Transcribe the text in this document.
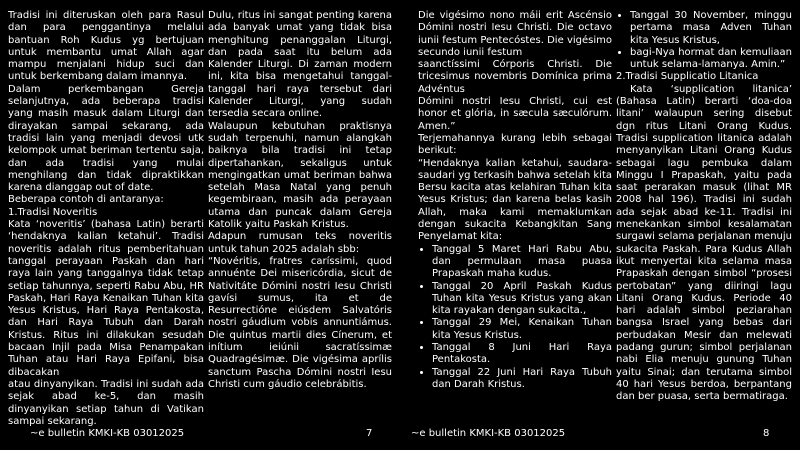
Tradisi ini diteruskan oleh para Rasul dan para penggantinya melalui bantuan Roh Kudus yg bertujuan untuk membantu umat Allah agar mampu menjalani hidup suci dan untuk berkembang dalam imannya.

Dalam perkembangan Gereja selanjutnya, ada beberapa tradisi yang masih masuk dalam Liturgi dan dirayakan sampai sekarang, ada tradisi lain yang menjadi devosi utk kelompok umat beriman tertentu saja, dan ada tradisi yang mulai menghilang dan tidak dipraktikkan karena dianggap out of date.

Beberapa contoh di antaranya:

1.Tradisi Noveritis

Kata ‘noveritis’ (bahasa Latin) berarti ‘hendaknya kalian ketahui’. Tradisi noveritis adalah ritus pemberitahuan tanggal perayaan Paskah dan hari raya lain yang tanggalnya tidak tetap setiap tahunnya, seperti Rabu Abu, HR Paskah, Hari Raya Kenaikan Tuhan kita Yesus Kristus, Hari Raya Pentakosta, dan Hari Raya Tubuh dan Darah Kristus. Ritus ini dilakukan sesudah bacaan Injil pada Misa Penampakan Tuhan atau Hari Raya Epifani, bisa dibacakan

atau dinyanyikan. Tradisi ini sudah ada sejak abad ke-5, dan masih dinyanyikan setiap tahun di Vatikan sampai sekarang.

Dulu, ritus ini sangat penting karena ada banyak umat yang tidak bisa menghitung penanggalan Liturgi, dan pada saat itu belum ada Kalender Liturgi. Di zaman modern ini, kita bisa mengetahui tanggal-tanggal hari raya tersebut dari Kalender Liturgi, yang sudah tersedia secara online.

Walaupun kebutuhan praktisnya sudah terpenuhi, namun alangkah baiknya bila tradisi ini tetap dipertahankan, sekaligus untuk mengingatkan umat beriman bahwa setelah Masa Natal yang penuh kegembiraan, masih ada perayaan utama dan puncak dalam Gereja Katolik yaitu Paskah Kristus.

Adapun rumusan teks noveritis untuk tahun 2025 adalah sbb:

“Novéritis, fratres caríssimi, quod annuénte Dei misericórdia, sicut de Nativitáte Dómini nostri Iesu Christi gavísi sumus, ita et de Resurrectióne eiúsdem Salvatóris nostri gáudium vobis annuntiámus. Die quintus martii dies Cínerum, et inítium ieiúnii sacratíssimæ Quadragésimæ. Die vigésima aprílis sanctum Pascha Dómini nostri Iesu Christi cum gáudio celebrábitis.

~e bulletin KMKI-KB 03012025	7

Die vigésimo nono máii erit Ascénsio Dómini nostri Iesu Christi. Die octavo iunii festum Pentecóstes. Die vigésimo secundo iunii festum

saanctíssimi Córporis Christi. Die tricesimus novembris Domínica prima Advéntus

Dómini nostri Iesu Christi, cui est honor et glória, in sæcula sæculórum. Amen.”

Terjemahannya kurang lebih sebagai berikut:

“Hendaknya kalian ketahui, saudara-saudari yg terkasih bahwa setelah kita Bersu kacita atas kelahiran Tuhan kita Yesus Kristus; dan karena belas kasih Allah, maka kami memaklumkan dengan sukacita Kebangkitan Sang Penyelamat kita:

• Tanggal 5 Maret Hari Rabu Abu, dan permulaan masa puasa Prapaskah maha kudus.
• Tanggal 20 April Paskah Kudus Tuhan kita Yesus Kristus yang akan kita rayakan dengan sukacita.,
• Tanggal 29 Mei, Kenaikan Tuhan kita Yesus Kristus.
• Tanggal 8 Juni Hari Raya Pentakosta.
• Tanggal 22 Juni Hari Raya Tubuh dan Darah Kristus.
• Tanggal 30 November, minggu pertama masa Adven Tuhan kita Yesus Kristus,
• bagi-Nya hormat dan kemuliaan untuk selama-lamanya. Amin.”

2.Tradisi Supplicatio Litanica

Kata ‘supplication litanica’ (Bahasa Latin) berarti ‘doa-doa litani’ walaupun sering disebut dgn ritus Litani Orang Kudus. Tradisi supplication litanica adalah menyanyikan Litani Orang Kudus sebagai lagu pembuka dalam Minggu I Prapaskah, yaitu pada saat perarakan masuk (lihat MR 2008 hal 196). Tradisi ini sudah ada sejak abad ke-11. Tradisi ini menekankan simbol kesalamatan surgawi selama perjalanan menuju sukacita Paskah. Para Kudus Allah ikut menyertai kita selama masa Prapaskah dengan simbol “prosesi pertobatan” yang diiringi lagu Litani Orang Kudus. Periode 40 hari adalah simbol peziarahan bangsa Israel yang bebas dari perbudakan Mesir dan melewati padang gurun; simbol perjalanan nabi Elia menuju gunung Tuhan yaitu Sinai; dan terutama simbol 40 hari Yesus berdoa, berpantang dan ber puasa, serta bermatiraga.

~e bulletin KMKI-KB 03012025	8
